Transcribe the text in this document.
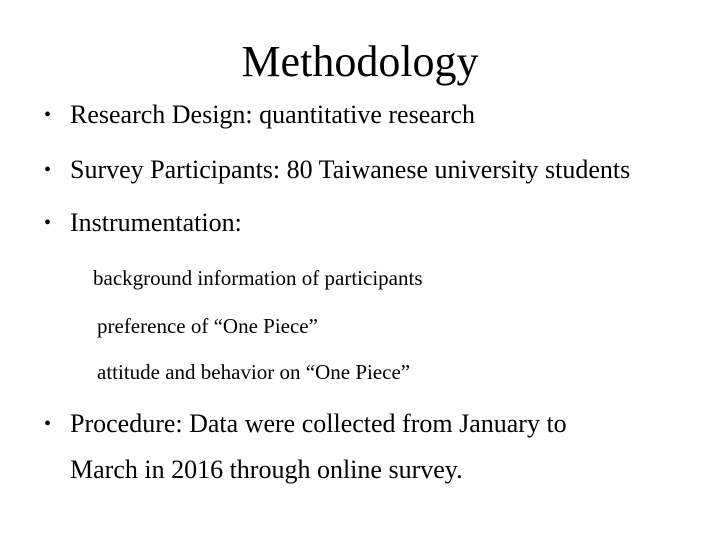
Methodology
• Research Design: quantitative research
• Survey Participants: 80 Taiwanese university students
• Instrumentation:
background information of participants
preference of “One Piece”
attitude and behavior on “One Piece”
• Procedure: Data were collected from January to
March in 2016 through online survey.
